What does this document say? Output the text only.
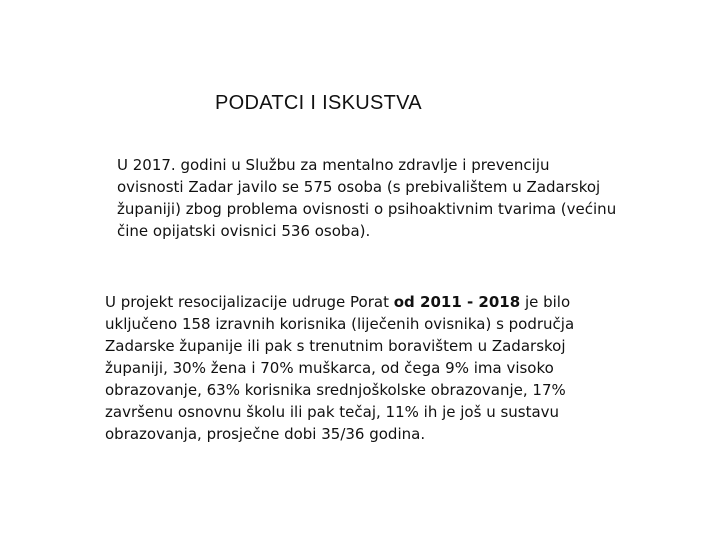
PODATCI I ISKUSTVA

U 2017. godini u Službu za mentalno zdravlje i prevenciju ovisnosti Zadar javilo se 575 osoba (s prebivalištem u Zadarskoj županiji) zbog problema ovisnosti o psihoaktivnim tvarima (većinu čine opijatski ovisnici 536 osoba).

U projekt resocijalizacije udruge Porat od 2011 - 2018 je bilo uključeno 158 izravnih korisnika (liječenih ovisnika) s područja Zadarske županije ili pak s trenutnim boravištem u Zadarskoj županiji, 30% žena i 70% muškarca, od čega 9% ima visoko obrazovanje, 63% korisnika srednjoškolske obrazovanje, 17% završenu osnovnu školu ili pak tečaj, 11% ih je još u sustavu obrazovanja, prosječne dobi 35/36 godina.
